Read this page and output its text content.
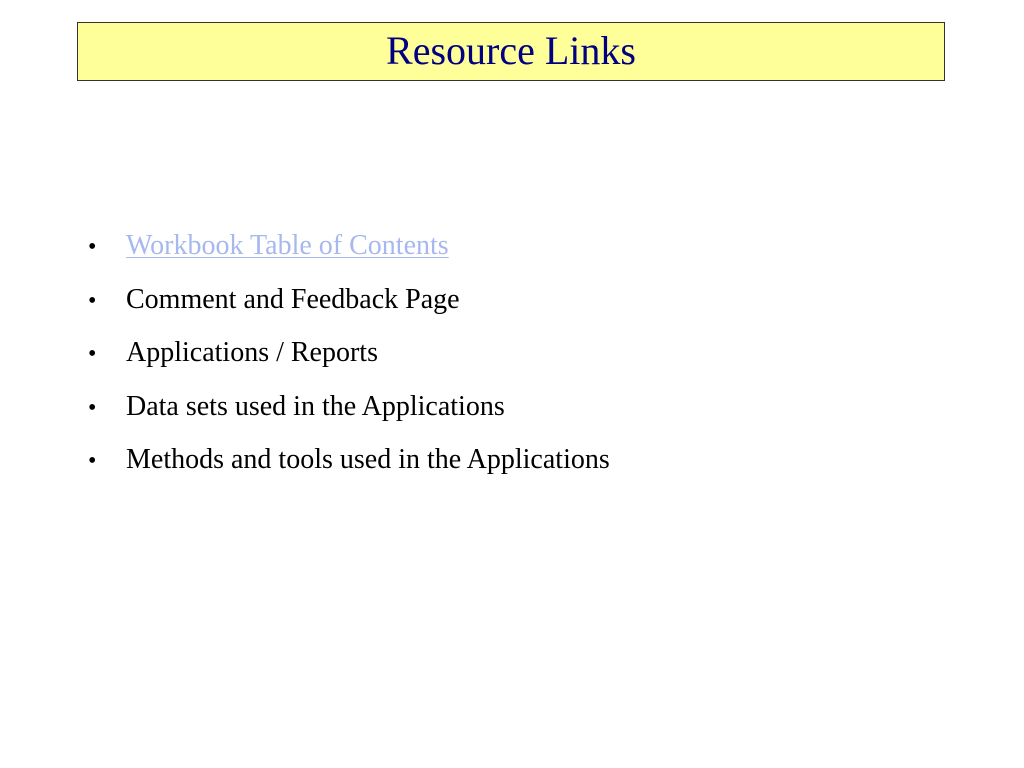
Resource Links
•	Workbook Table of Contents
•	Comment and Feedback Page
•	Applications / Reports
•	Data sets used in the Applications
•	Methods and tools used in the Applications
